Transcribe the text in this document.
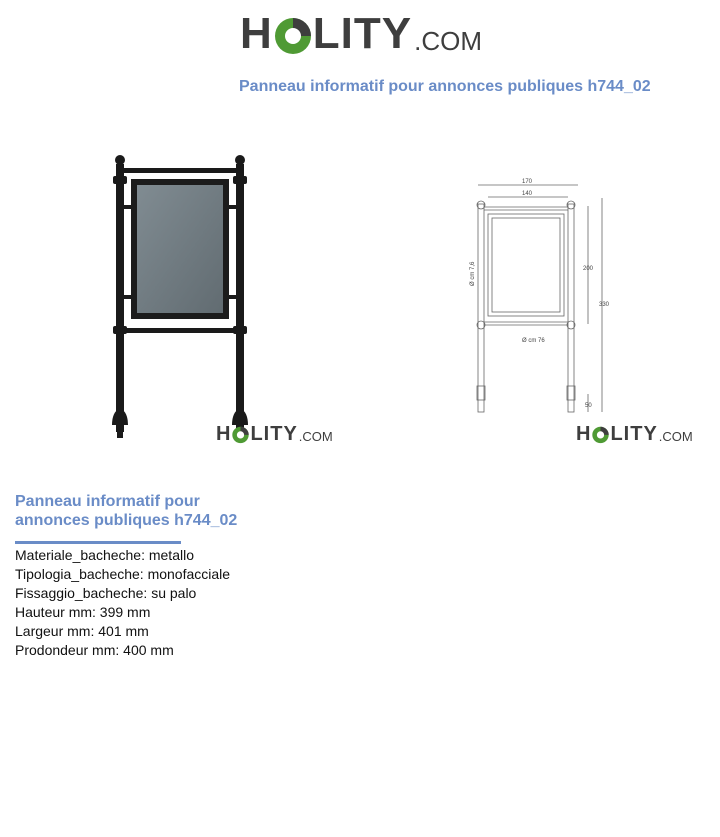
H LITY .COM
Panneau informatif pour annonces publiques h744_02
H LITY .COM
170
140
Ø cm 7,6
Ø cm 76
200
330
50
H LITY .COM
Panneau informatif pour annonces publiques h744_02
Materiale_bacheche: metallo
Tipologia_bacheche: monofacciale
Fissaggio_bacheche: su palo
Hauteur mm: 399 mm
Largeur mm: 401 mm
Prodondeur mm: 400 mm
